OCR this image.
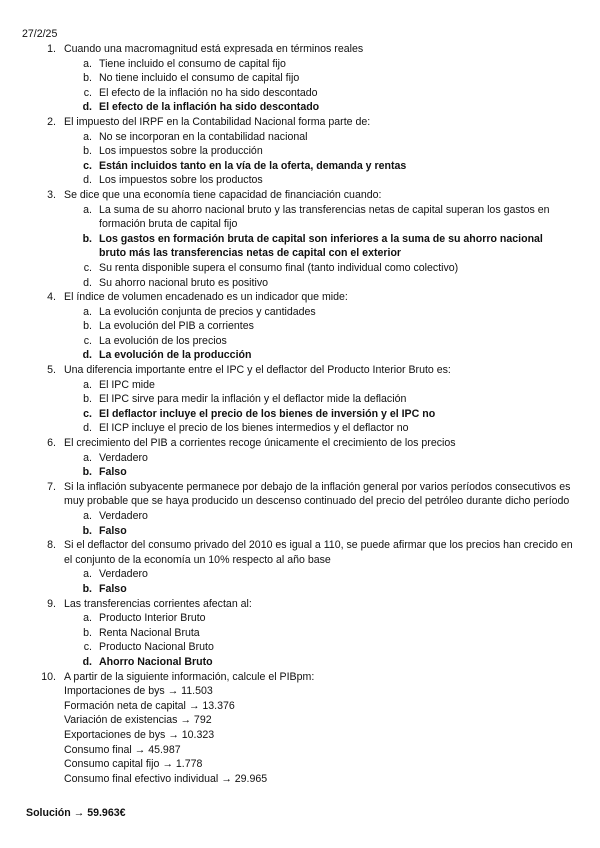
27/2/25
1. Cuando una macromagnitud está expresada en términos reales
a. Tiene incluido el consumo de capital fijo
b. No tiene incluido el consumo de capital fijo
c. El efecto de la inflación no ha sido descontado
d. El efecto de la inflación ha sido descontado
2. El impuesto del IRPF en la Contabilidad Nacional forma parte de:
a. No se incorporan en la contabilidad nacional
b. Los impuestos sobre la producción
c. Están incluidos tanto en la vía de la oferta, demanda y rentas
d. Los impuestos sobre los productos
3. Se dice que una economía tiene capacidad de financiación cuando:
a. La suma de su ahorro nacional bruto y las transferencias netas de capital superan los gastos en formación bruta de capital fijo
b. Los gastos en formación bruta de capital son inferiores a la suma de su ahorro nacional bruto más las transferencias netas de capital con el exterior
c. Su renta disponible supera el consumo final (tanto individual como colectivo)
d. Su ahorro nacional bruto es positivo
4. El índice de volumen encadenado es un indicador que mide:
a. La evolución conjunta de precios y cantidades
b. La evolución del PIB a corrientes
c. La evolución de los precios
d. La evolución de la producción
5. Una diferencia importante entre el IPC y el deflactor del Producto Interior Bruto es:
a. El IPC mide
b. El IPC sirve para medir la inflación y el deflactor mide la deflación
c. El deflactor incluye el precio de los bienes de inversión y el IPC no
d. El ICP incluye el precio de los bienes intermedios y el deflactor no
6. El crecimiento del PIB a corrientes recoge únicamente el crecimiento de los precios
a. Verdadero
b. Falso
7. Si la inflación subyacente permanece por debajo de la inflación general por varios períodos consecutivos es muy probable que se haya producido un descenso continuado del precio del petróleo durante dicho período
a. Verdadero
b. Falso
8. Si el deflactor del consumo privado del 2010 es igual a 110, se puede afirmar que los precios han crecido en el conjunto de la economía un 10% respecto al año base
a. Verdadero
b. Falso
9. Las transferencias corrientes afectan al:
a. Producto Interior Bruto
b. Renta Nacional Bruta
c. Producto Nacional Bruto
d. Ahorro Nacional Bruto
10. A partir de la siguiente información, calcule el PIBpm:
Importaciones de bys → 11.503
Formación neta de capital → 13.376
Variación de existencias → 792
Exportaciones de bys → 10.323
Consumo final → 45.987
Consumo capital fijo → 1.778
Consumo final efectivo individual → 29.965
Solución → 59.963€
